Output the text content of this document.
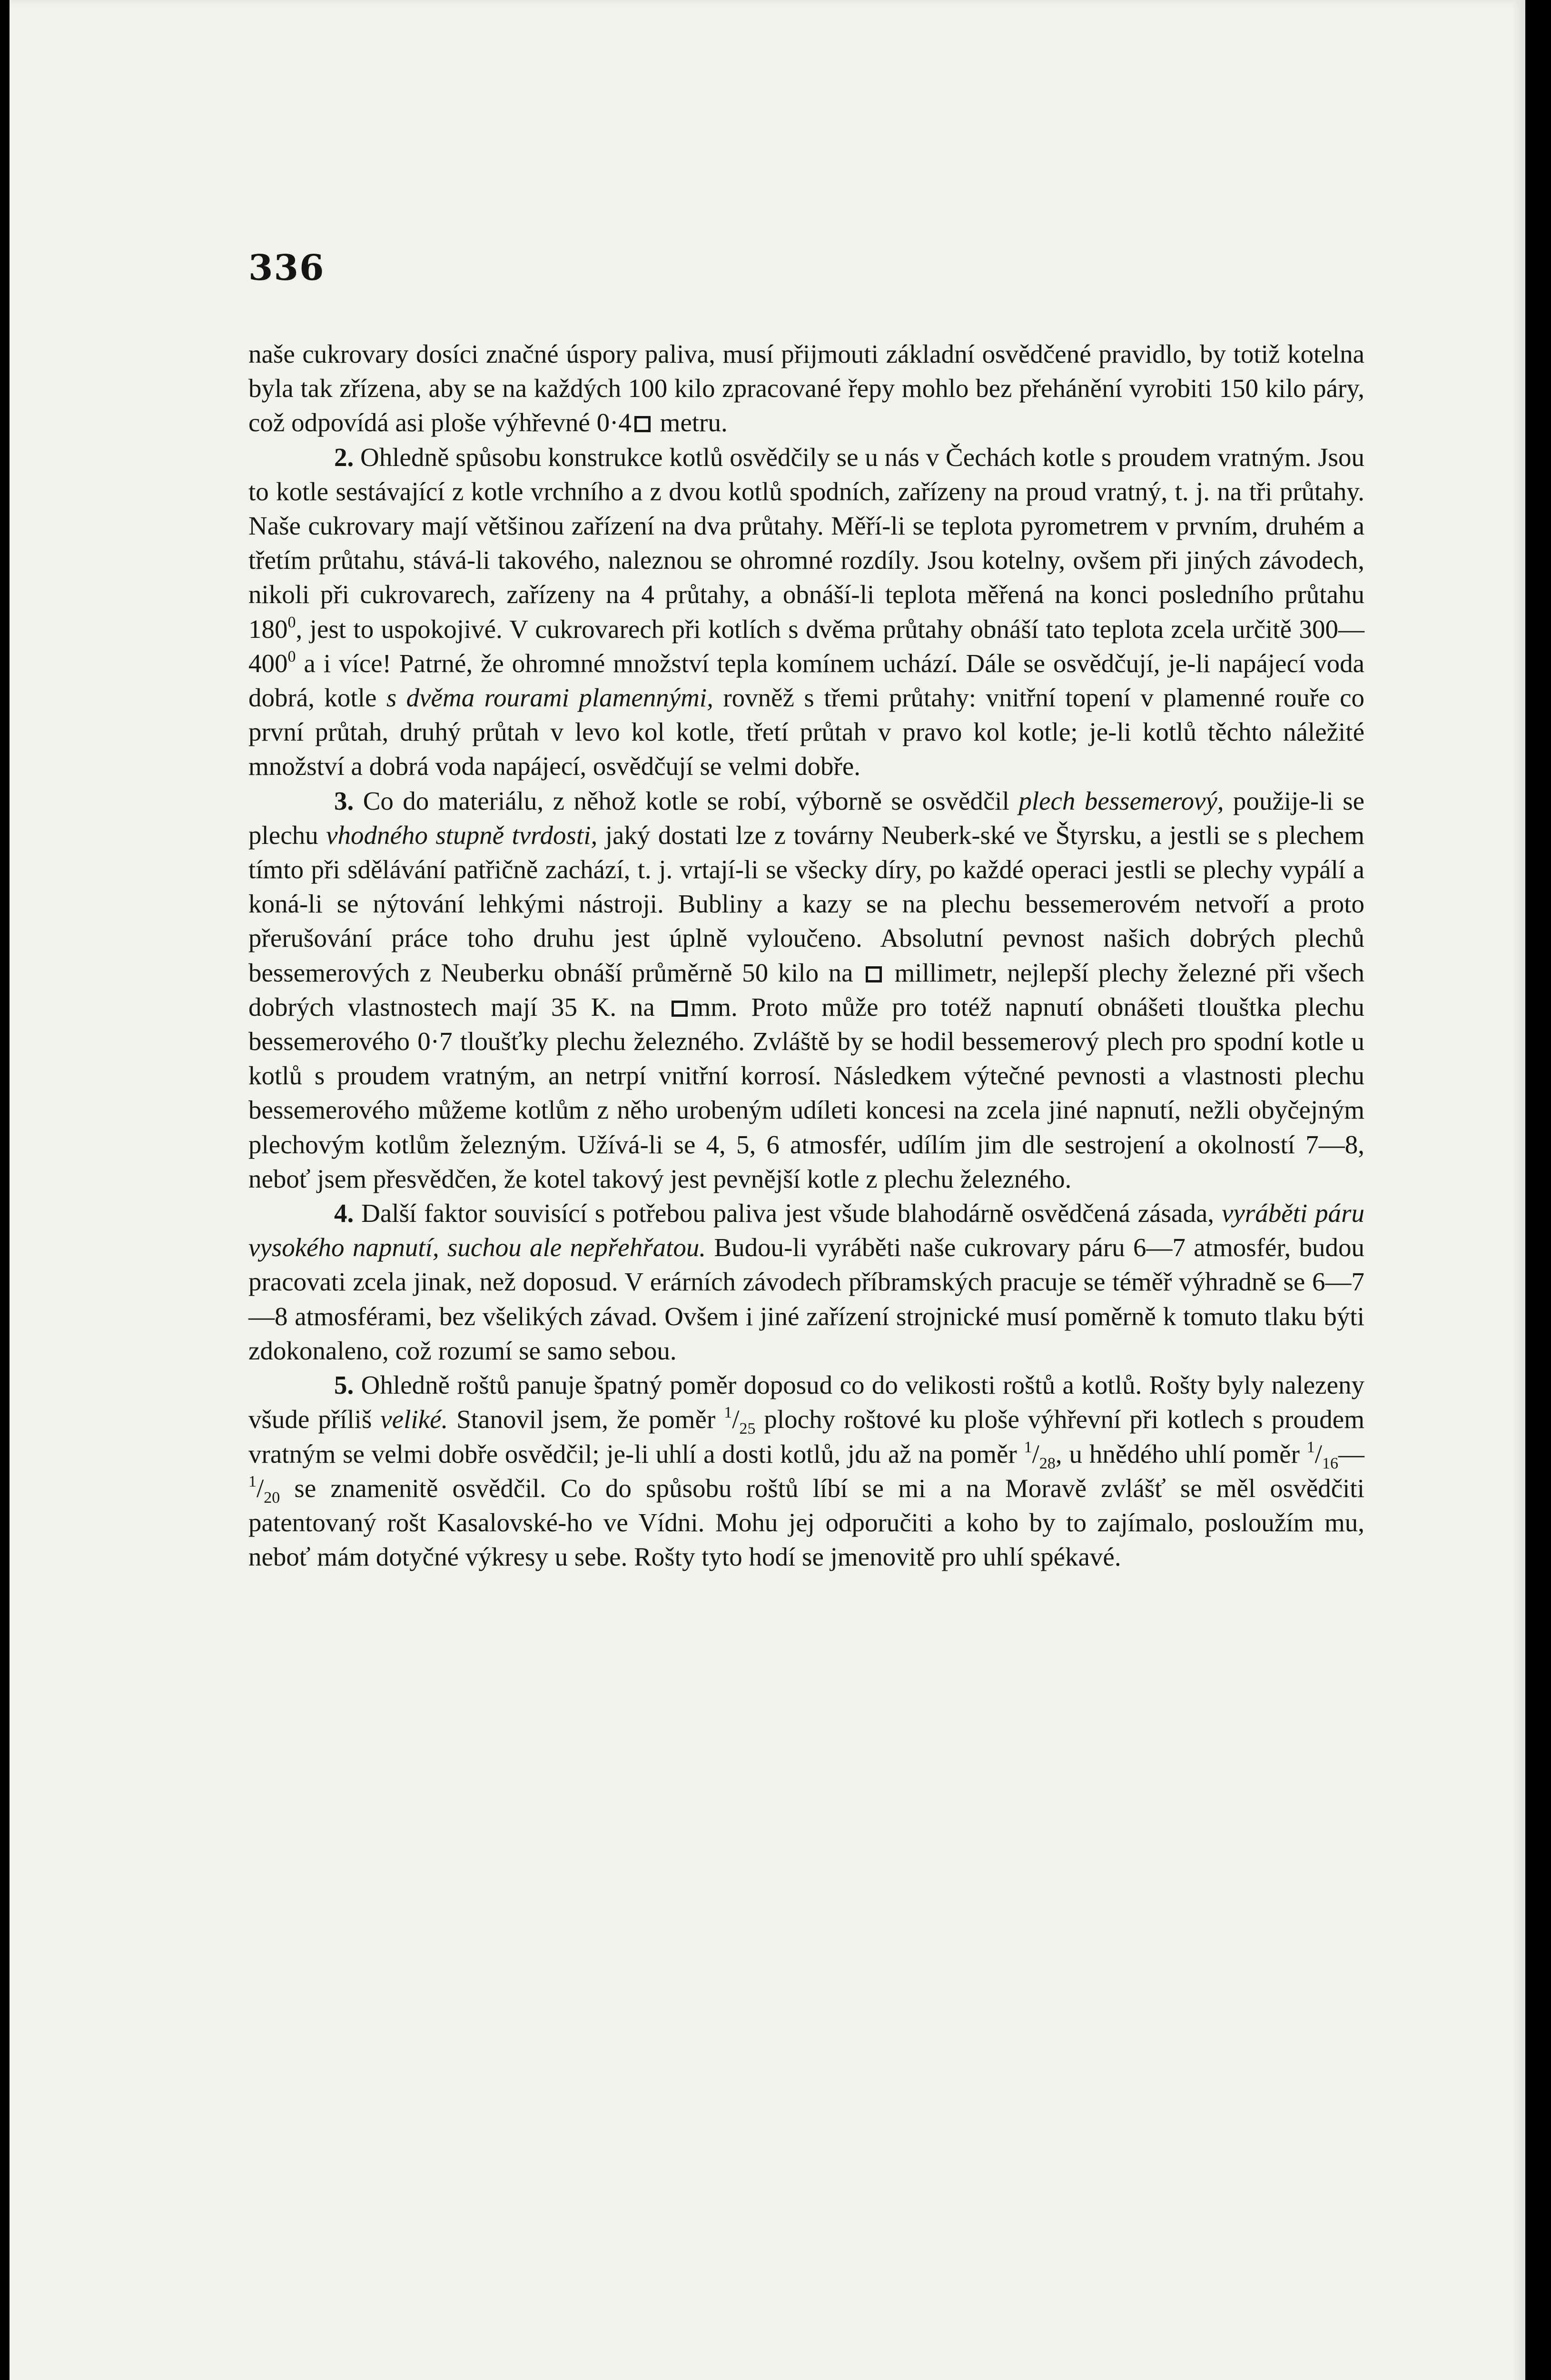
336

naše cukrovary dosíci značné úspory paliva, musí přijmouti základní osvědčené pravidlo, by totiž kotelna byla tak zřízena, aby se na každých 100 kilo zpracované řepy mohlo bez přehánění vyrobiti 150 kilo páry, což odpovídá asi ploše výhřevné 0·4 metru.

2. Ohledně spůsobu konstrukce kotlů osvědčily se u nás v Čechách kotle s proudem vratným. Jsou to kotle sestávající z kotle vrchního a z dvou kotlů spodních, zařízeny na proud vratný, t. j. na tři průtahy. Naše cukrovary mají většinou zařízení na dva průtahy. Měří-li se teplota pyrometrem v prvním, druhém a třetím průtahu, stává-li takového, naleznou se ohromné rozdíly. Jsou kotelny, ovšem při jiných závodech, nikoli při cukrovarech, zařízeny na 4 průtahy, a obnáší-li teplota měřená na konci posledního průtahu $180^0$, jest to uspokojivé. V cukrovarech při kotlích s dvěma průtahy obnáší tato teplota zcela určitě $300—400^0$ a i více! Patrné, že ohromné množství tepla komínem uchází. Dále se osvědčují, je-li napájecí voda dobrá, kotle s dvěma rourami plamennými, rovněž s třemi průtahy: vnitřní topení v plamenné rouře co první průtah, druhý průtah v levo kol kotle, třetí průtah v pravo kol kotle; je-li kotlů těchto náležité množství a dobrá voda napájecí, osvědčují se velmi dobře.

3. Co do materiálu, z něhož kotle se robí, výborně se osvědčil plech bessemerový, použije-li se plechu vhodného stupně tvrdosti, jaký dostati lze z továrny Neuberk-ské ve Štyrsku, a jestli se s plechem tímto při sdělávání patřičně zachází, t. j. vrtají-li se všecky díry, po každé operaci jestli se plechy vypálí a koná-li se nýtování lehkými nástroji. Bubliny a kazy se na plechu bessemerovém netvoří a proto přerušování práce toho druhu jest úplně vyloučeno. Absolutní pevnost našich dobrých plechů bessemerových z Neuberku obnáší průměrně 50 kilo na  millimetr, nejlepší plechy železné při všech dobrých vlastnostech mají 35 K. na mm. Proto může pro totéž napnutí obnášeti tlouštka plechu bessemerového 0·7 tloušťky plechu železného. Zvláště by se hodil bessemerový plech pro spodní kotle u kotlů s proudem vratným, an netrpí vnitřní korrosí. Následkem výtečné pevnosti a vlastnosti plechu bessemerového můžeme kotlům z něho urobeným udíleti koncesi na zcela jiné napnutí, nežli obyčejným plechovým kotlům železným. Užívá-li se 4, 5, 6 atmosfér, udílím jim dle sestrojení a okolností 7—8, neboť jsem přesvědčen, že kotel takový jest pevnější kotle z plechu železného.

4. Další faktor souvisící s potřebou paliva jest všude blahodárně osvědčená zásada, vyráběti páru vysokého napnutí, suchou ale nepřehřatou. Budou-li vyráběti naše cukrovary páru 6—7 atmosfér, budou pracovati zcela jinak, než doposud. V erárních závodech příbramských pracuje se téměř výhradně se 6—7—8 atmosférami, bez všelikých závad. Ovšem i jiné zařízení strojnické musí poměrně k tomuto tlaku býti zdokonaleno, což rozumí se samo sebou.

5. Ohledně roštů panuje špatný poměr doposud co do velikosti roštů a kotlů. Rošty byly nalezeny všude příliš veliké. Stanovil jsem, že poměr $^1/_{25}$ plochy roštové ku ploše výhřevní při kotlech s proudem vratným se velmi dobře osvědčil; je-li uhlí a dosti kotlů, jdu až na poměr $^1/_{28}$, u hnědého uhlí poměr $^1/_{16}—^1/_{20}$ se znamenitě osvědčil. Co do spůsobu roštů líbí se mi a na Moravě zvlášť se měl osvědčiti patentovaný rošt Kasalovské-ho ve Vídni. Mohu jej odporučiti a koho by to zajímalo, posloužím mu, neboť mám dotyčné výkresy u sebe. Rošty tyto hodí se jmenovitě pro uhlí spékavé.
